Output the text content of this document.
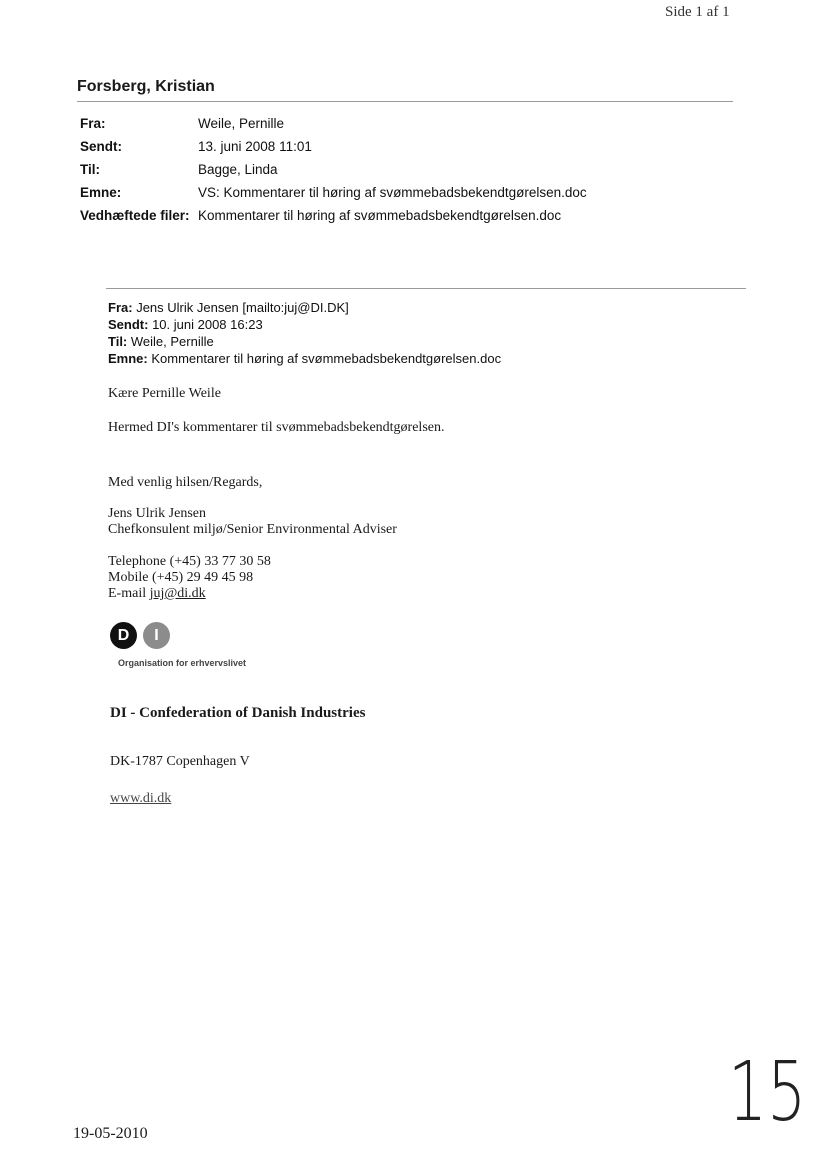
Side 1 af 1
Forsberg, Kristian
Fra:	Weile, Pernille
Sendt:	13. juni 2008 11:01
Til:	Bagge, Linda
Emne:	VS: Kommentarer til høring af svømmebadsbekendtgørelsen.doc
Vedhæftede filer: Kommentarer til høring af svømmebadsbekendtgørelsen.doc
Fra: Jens Ulrik Jensen [mailto:juj@DI.DK]
Sendt: 10. juni 2008 16:23
Til: Weile, Pernille
Emne: Kommentarer til høring af svømmebadsbekendtgørelsen.doc
Kære Pernille Weile
Hermed DI's kommentarer til svømmebadsbekendtgørelsen.
Med venlig hilsen/Regards,
Jens Ulrik Jensen
Chefkonsulent miljø/Senior Environmental Adviser
Telephone (+45) 33 77 30 58
Mobile (+45) 29 49 45 98
E-mail juj@di.dk
D	I
Organisation for erhvervslivet
DI - Confederation of Danish Industries
DK-1787 Copenhagen V
www.di.dk
19-05-2010	15
